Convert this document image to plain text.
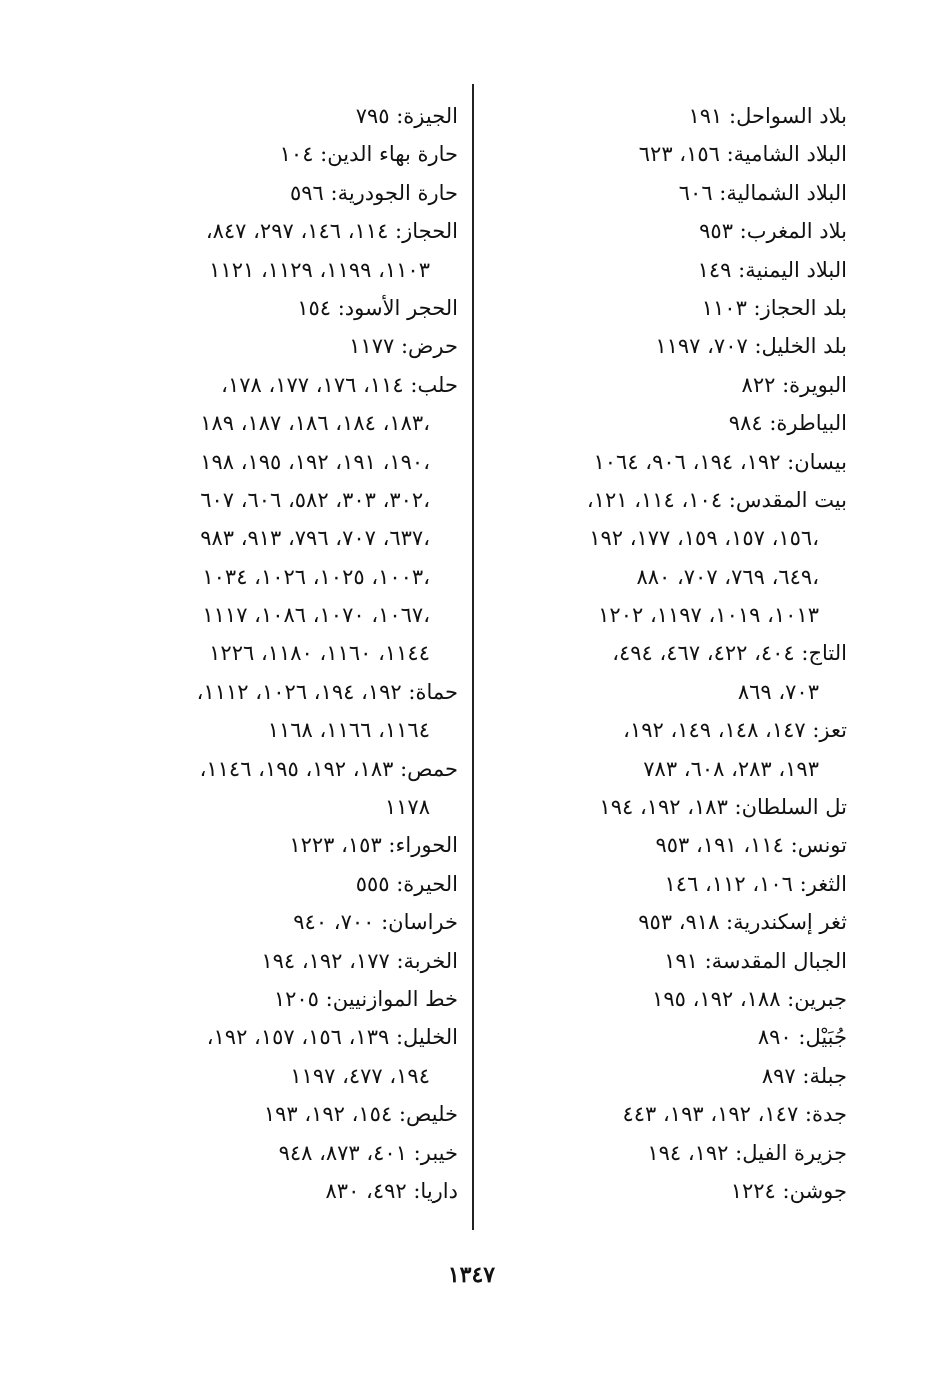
بلاد السواحل: ١٩١
البلاد الشامية: ١٥٦، ٦٢٣
البلاد الشمالية: ٦٠٦
بلاد المغرب: ٩٥٣
البلاد اليمنية: ١٤٩
بلد الحجاز: ١١٠٣
بلد الخليل: ٧٠٧، ١١٩٧
البويرة: ٨٢٢
البياطرة: ٩٨٤
بيسان: ١٩٢، ١٩٤، ٩٠٦، ١٠٦٤
بيت المقدس: ١٠٤، ١١٤، ١٢١،
١٥٦، ١٥٧، ١٥٩، ١٧٧، ١٩٢،
٦٤٩، ٧٦٩، ٧٠٧، ٨٨٠،
١٠١٣، ١٠١٩، ١١٩٧، ١٢٠٢
التاج: ٤٠٤، ٤٢٢، ٤٦٧، ٤٩٤،
٧٠٣، ٨٦٩
تعز: ١٤٧، ١٤٨، ١٤٩، ١٩٢،
١٩٣، ٢٨٣، ٦٠٨، ٧٨٣
تل السلطان: ١٨٣، ١٩٢، ١٩٤
تونس: ١١٤، ١٩١، ٩٥٣
الثغر: ١٠٦، ١١٢، ١٤٦
ثغر إسكندرية: ٩١٨، ٩٥٣
الجبال المقدسة: ١٩١
جبرين: ١٨٨، ١٩٢، ١٩٥
جُبَيْل: ٨٩٠
جبلة: ٨٩٧
جدة: ١٤٧، ١٩٢، ١٩٣، ٤٤٣
جزيرة الفيل: ١٩٢، ١٩٤
جوشن: ١٢٢٤
الجيزة: ٧٩٥
حارة بهاء الدين: ١٠٤
حارة الجودرية: ٥٩٦
الحجاز: ١١٤، ١٤٦، ٢٩٧، ٨٤٧،
١١٠٣، ١١٩٩، ١١٢٩، ١١٢١
الحجر الأسود: ١٥٤
حرض: ١١٧٧
حلب: ١١٤، ١٧٦، ١٧٧، ١٧٨،
١٨٣، ١٨٤، ١٨٦، ١٨٧، ١٨٩،
١٩٠، ١٩١، ١٩٢، ١٩٥، ١٩٨،
٣٠٢، ٣٠٣، ٥٨٢، ٦٠٦، ٦٠٧،
٦٣٧، ٧٠٧، ٧٩٦، ٩١٣، ٩٨٣،
١٠٠٣، ١٠٢٥، ١٠٢٦، ١٠٣٤،
١٠٦٧، ١٠٧٠، ١٠٨٦، ١١١٧،
١١٤٤، ١١٦٠، ١١٨٠، ١٢٢٦
حماة: ١٩٢، ١٩٤، ١٠٢٦، ١١١٢،
١١٦٤، ١١٦٦، ١١٦٨
حمص: ١٨٣، ١٩٢، ١٩٥، ١١٤٦،
١١٧٨
الحوراء: ١٥٣، ١٢٢٣
الحيرة: ٥٥٥
خراسان: ٧٠٠، ٩٤٠
الخربة: ١٧٧، ١٩٢، ١٩٤
خط الموازنيين: ١٢٠٥
الخليل: ١٣٩، ١٥٦، ١٥٧، ١٩٢،
١٩٤، ٤٧٧، ١١٩٧
خليص: ١٥٤، ١٩٢، ١٩٣
خيبر: ٤٠١، ٨٧٣، ٩٤٨
داريا: ٤٩٢، ٨٣٠
١٣٤٧
